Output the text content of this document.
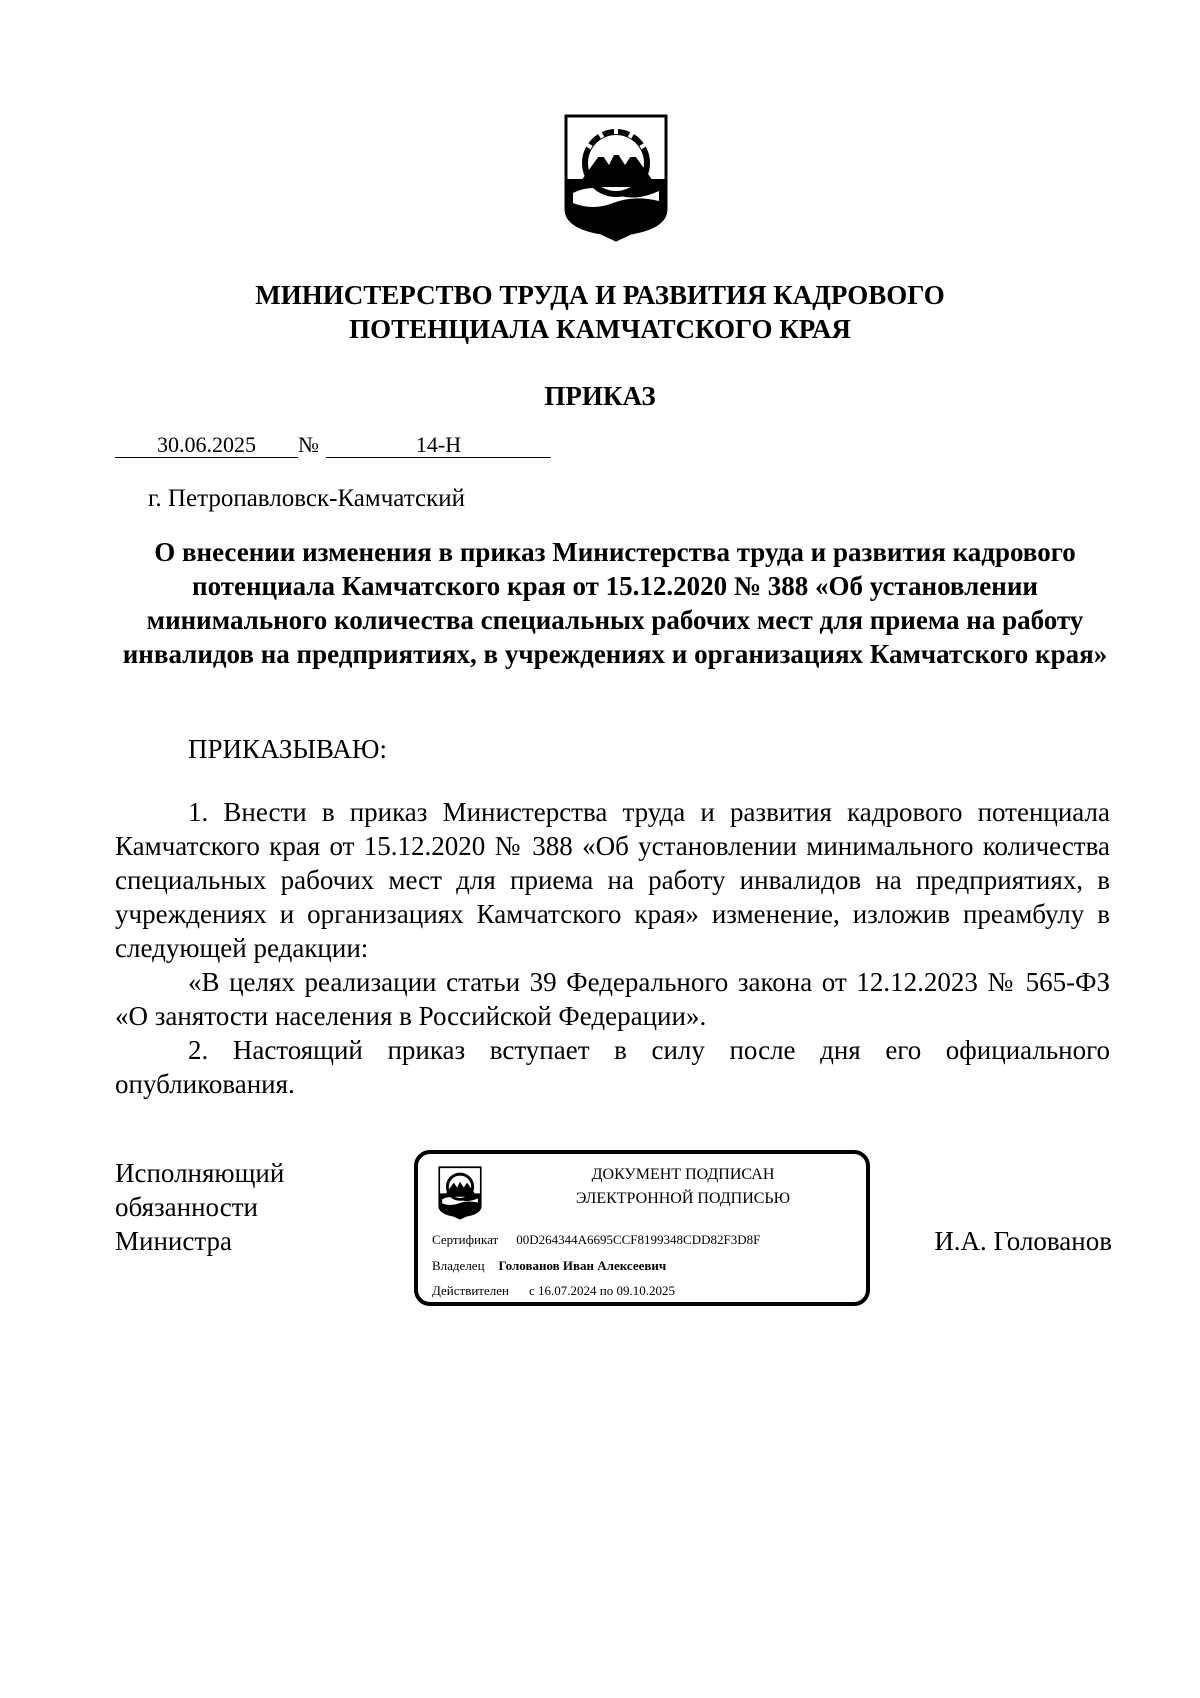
МИНИСТЕРСТВО ТРУДА И РАЗВИТИЯ КАДРОВОГО
ПОТЕНЦИАЛА КАМЧАТСКОГО КРАЯ
ПРИКАЗ
30.06.2025 №	14-Н
г. Петропавловск-Камчатский
О внесении изменения в приказ Министерства труда и развития кадрового потенциала Камчатского края от 15.12.2020 № 388 «Об установлении минимального количества специальных рабочих мест для приема на работу инвалидов на предприятиях, в учреждениях и организациях Камчатского края»
ПРИКАЗЫВАЮ:

1. Внести в приказ Министерства труда и развития кадрового потенциала Камчатского края от 15.12.2020 № 388 «Об установлении минимального количества специальных рабочих мест для приема на работу инвалидов на предприятиях, в учреждениях и организациях Камчатского края» изменение, изложив преамбулу в следующей редакции:

«В целях реализации статьи 39 Федерального закона от 12.12.2023 № 565-ФЗ «О занятости населения в Российской Федерации».

2. Настоящий приказ вступает в силу после дня его официального опубликования.

Исполняющий
обязанности
Министра
ДОКУМЕНТ ПОДПИСАН
ЭЛЕКТРОННОЙ ПОДПИСЬЮ
Сертификат 00D264344A6695CCF8199348CDD82F3D8F
Владелец Голованов Иван Алексеевич
Действителен с 16.07.2024 по 09.10.2025
И.А. Голованов
